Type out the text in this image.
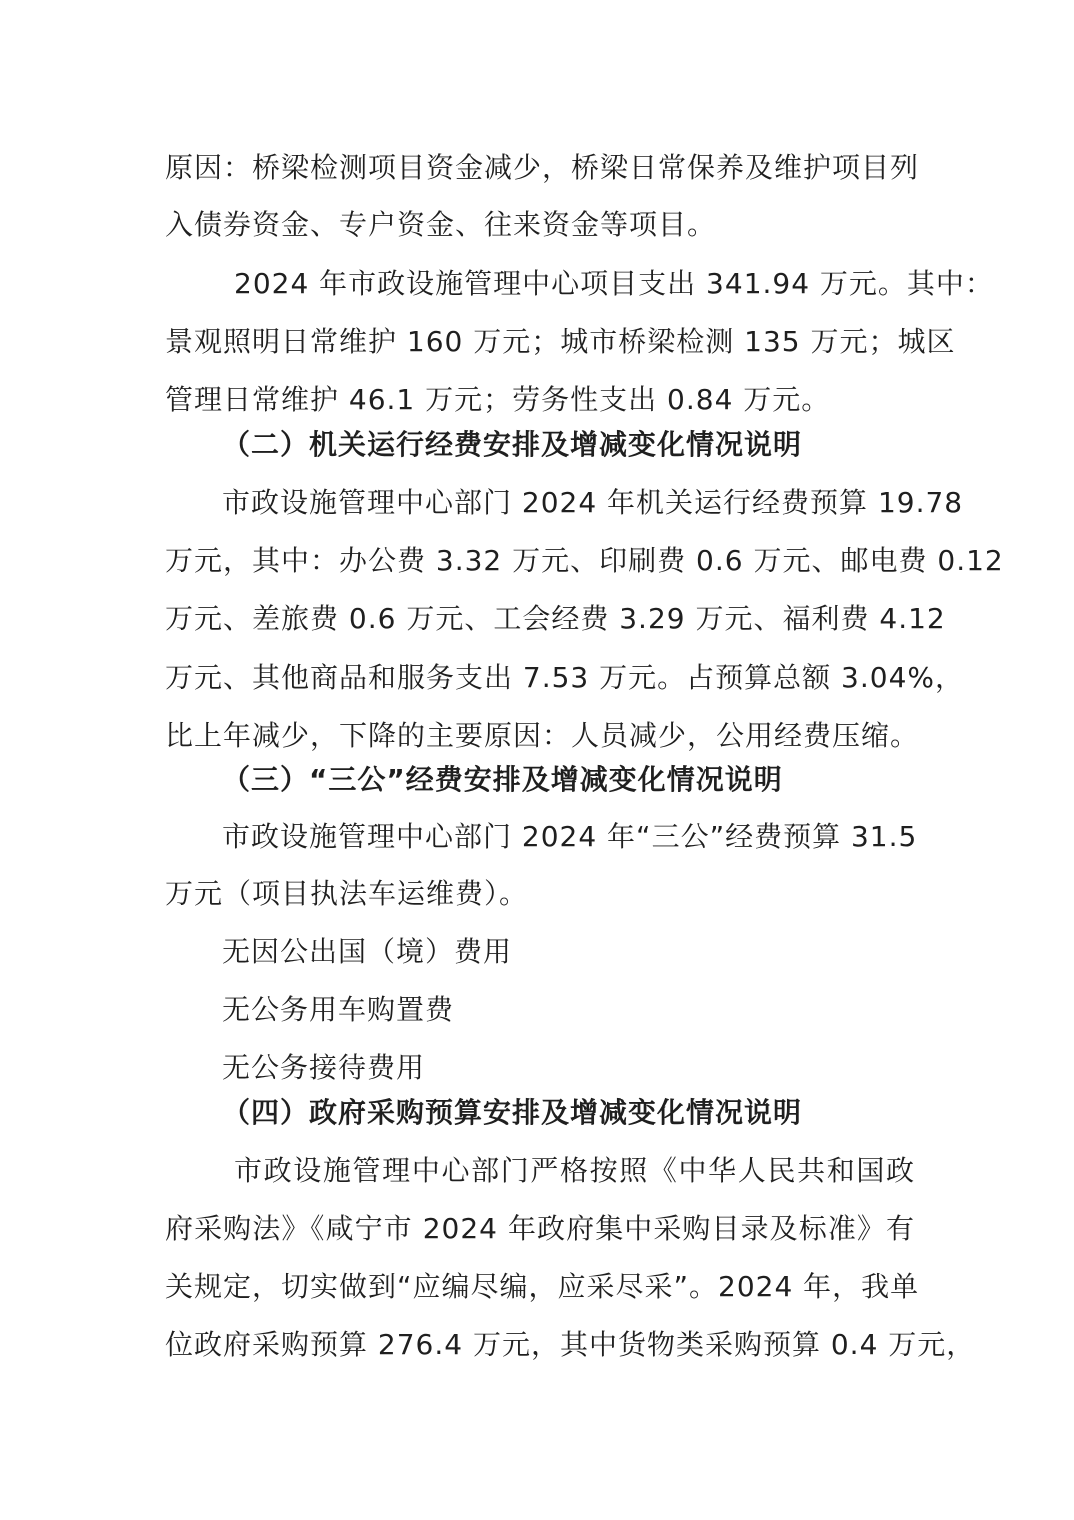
原因：桥梁检测项目资金减少，桥梁日常保养及维护项目列
入债券资金、专户资金、往来资金等项目。
2024 年市政设施管理中心项目支出 341.94 万元。其中：
景观照明日常维护 160 万元；城市桥梁检测 135 万元；城区
管理日常维护 46.1 万元；劳务性支出 0.84 万元。
（二）机关运行经费安排及增减变化情况说明
市政设施管理中心部门 2024 年机关运行经费预算 19.78
万元，其中：办公费 3.32 万元、印刷费 0.6 万元、邮电费 0.12
万元、差旅费 0.6 万元、工会经费 3.29 万元、福利费 4.12
万元、其他商品和服务支出 7.53 万元。占预算总额 3.04%，
比上年减少，下降的主要原因：人员减少，公用经费压缩。
（三）“三公”经费安排及增减变化情况说明
市政设施管理中心部门 2024 年“三公”经费预算 31.5
万元（项目执法车运维费）。
无因公出国（境）费用
无公务用车购置费
无公务接待费用
（四）政府采购预算安排及增减变化情况说明
市政设施管理中心部门严格按照《中华人民共和国政
府采购法》《咸宁市 2024 年政府集中采购目录及标准》有
关规定，切实做到“应编尽编，应采尽采”。2024 年，我单
位政府采购预算 276.4 万元，其中货物类采购预算 0.4 万元，
